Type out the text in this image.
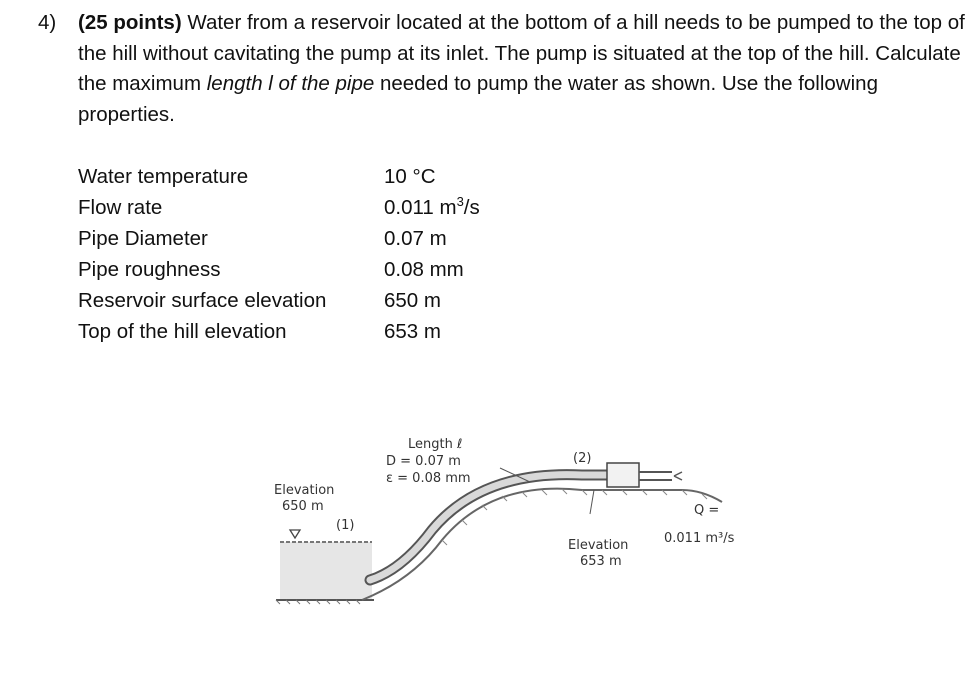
4) (25 points) Water from a reservoir located at the bottom of a hill needs to be pumped to the top of the hill without cavitating the pump at its inlet. The pump is situated at the top of the hill. Calculate the maximum length l of the pipe needed to pump the water as shown. Use the following properties.
Water temperature	10 °C
Flow rate	0.011 $m^3/s$
Pipe Diameter	0.07 m
Pipe roughness	0.08 mm
Reservoir surface elevation	650 m
Top of the hill elevation	653 m
Length ℓ
D = 0.07 m
ε = 0.08 mm
(2)
Elevation
650 m
(1)
Elevation
653 m
Q =
0.011 m³/s
